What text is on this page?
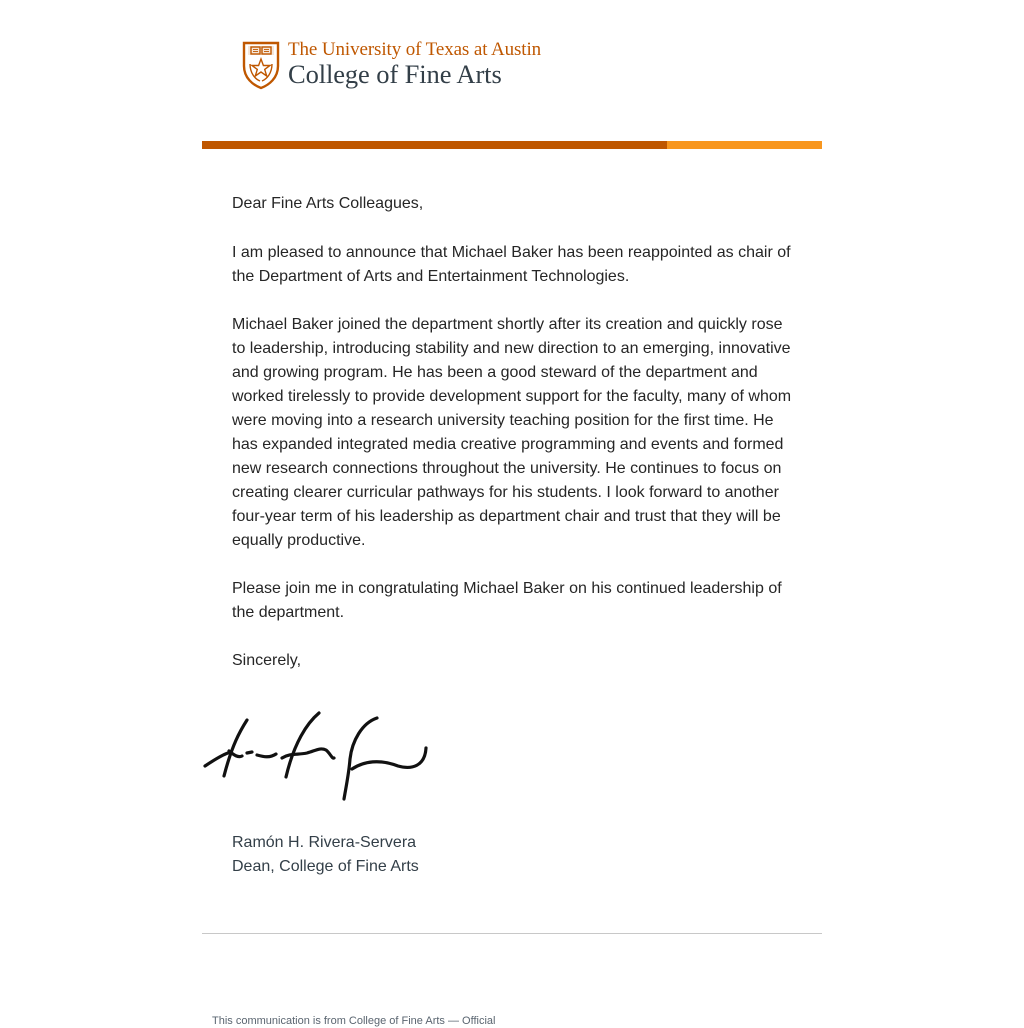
The University of Texas at Austin
College of Fine Arts

Dear Fine Arts Colleagues,

I am pleased to announce that Michael Baker has been reappointed as chair of the Department of Arts and Entertainment Technologies.

Michael Baker joined the department shortly after its creation and quickly rose to leadership, introducing stability and new direction to an emerging, innovative and growing program. He has been a good steward of the department and worked tirelessly to provide development support for the faculty, many of whom were moving into a research university teaching position for the first time. He has expanded integrated media creative programming and events and formed new research connections throughout the university. He continues to focus on creating clearer curricular pathways for his students. I look forward to another four-year term of his leadership as department chair and trust that they will be equally productive.

Please join me in congratulating Michael Baker on his continued leadership of the department.

Sincerely,

Ramón H. Rivera-Servera
Dean, College of Fine Arts
This communication is from College of Fine Arts — Official
